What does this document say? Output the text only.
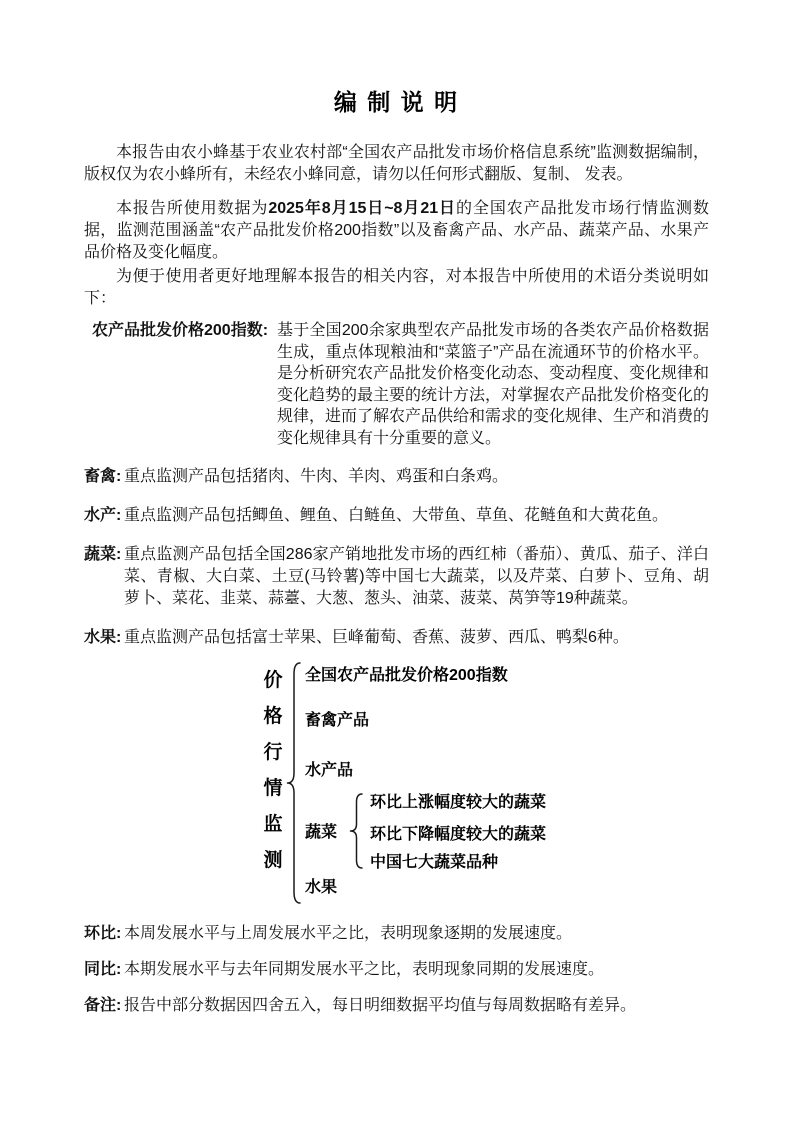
编 制 说 明

本报告由农小蜂基于农业农村部“全国农产品批发市场价格信息系统”监测数据编制，版权仅为农小蜂所有，未经农小蜂同意，请勿以任何形式翻版、复制、 发表。

本报告所使用数据为2025年8月15日~8月21日的全国农产品批发市场行情监测数据，监测范围涵盖“农产品批发价格200指数”以及畜禽产品、水产品、蔬菜产品、水果产品价格及变化幅度。

为便于使用者更好地理解本报告的相关内容，对本报告中所使用的术语分类说明如下：

农产品批发价格200指数: 基于全国200余家典型农产品批发市场的各类农产品价格数据生成，重点体现粮油和“菜篮子”产品在流通环节的价格水平。是分析研究农产品批发价格变化动态、变动程度、变化规律和变化趋势的最主要的统计方法，对掌握农产品批发价格变化的规律，进而了解农产品供给和需求的变化规律、生产和消费的变化规律具有十分重要的意义。
畜禽: 重点监测产品包括猪肉、牛肉、羊肉、鸡蛋和白条鸡。
水产: 重点监测产品包括鲫鱼、鲤鱼、白鲢鱼、大带鱼、草鱼、花鲢鱼和大黄花鱼。
蔬菜: 重点监测产品包括全国286家产销地批发市场的西红柿（番茄）、黄瓜、茄子、洋白菜、青椒、大白菜、土豆(马铃薯)等中国七大蔬菜，以及芹菜、白萝卜、豆角、胡萝卜、菜花、韭菜、蒜薹、大葱、葱头、油菜、菠菜、莴笋等19种蔬菜。
水果: 重点监测产品包括富士苹果、巨峰葡萄、香蕉、菠萝、西瓜、鸭梨6种。
价
格
行
情
监
测
全国农产品批发价格200指数
畜禽产品
水产品
蔬菜
水果
环比上涨幅度较大的蔬菜
环比下降幅度较大的蔬菜
中国七大蔬菜品种
环比: 本周发展水平与上周发展水平之比，表明现象逐期的发展速度。
同比: 本期发展水平与去年同期发展水平之比，表明现象同期的发展速度。
备注: 报告中部分数据因四舍五入，每日明细数据平均值与每周数据略有差异。
